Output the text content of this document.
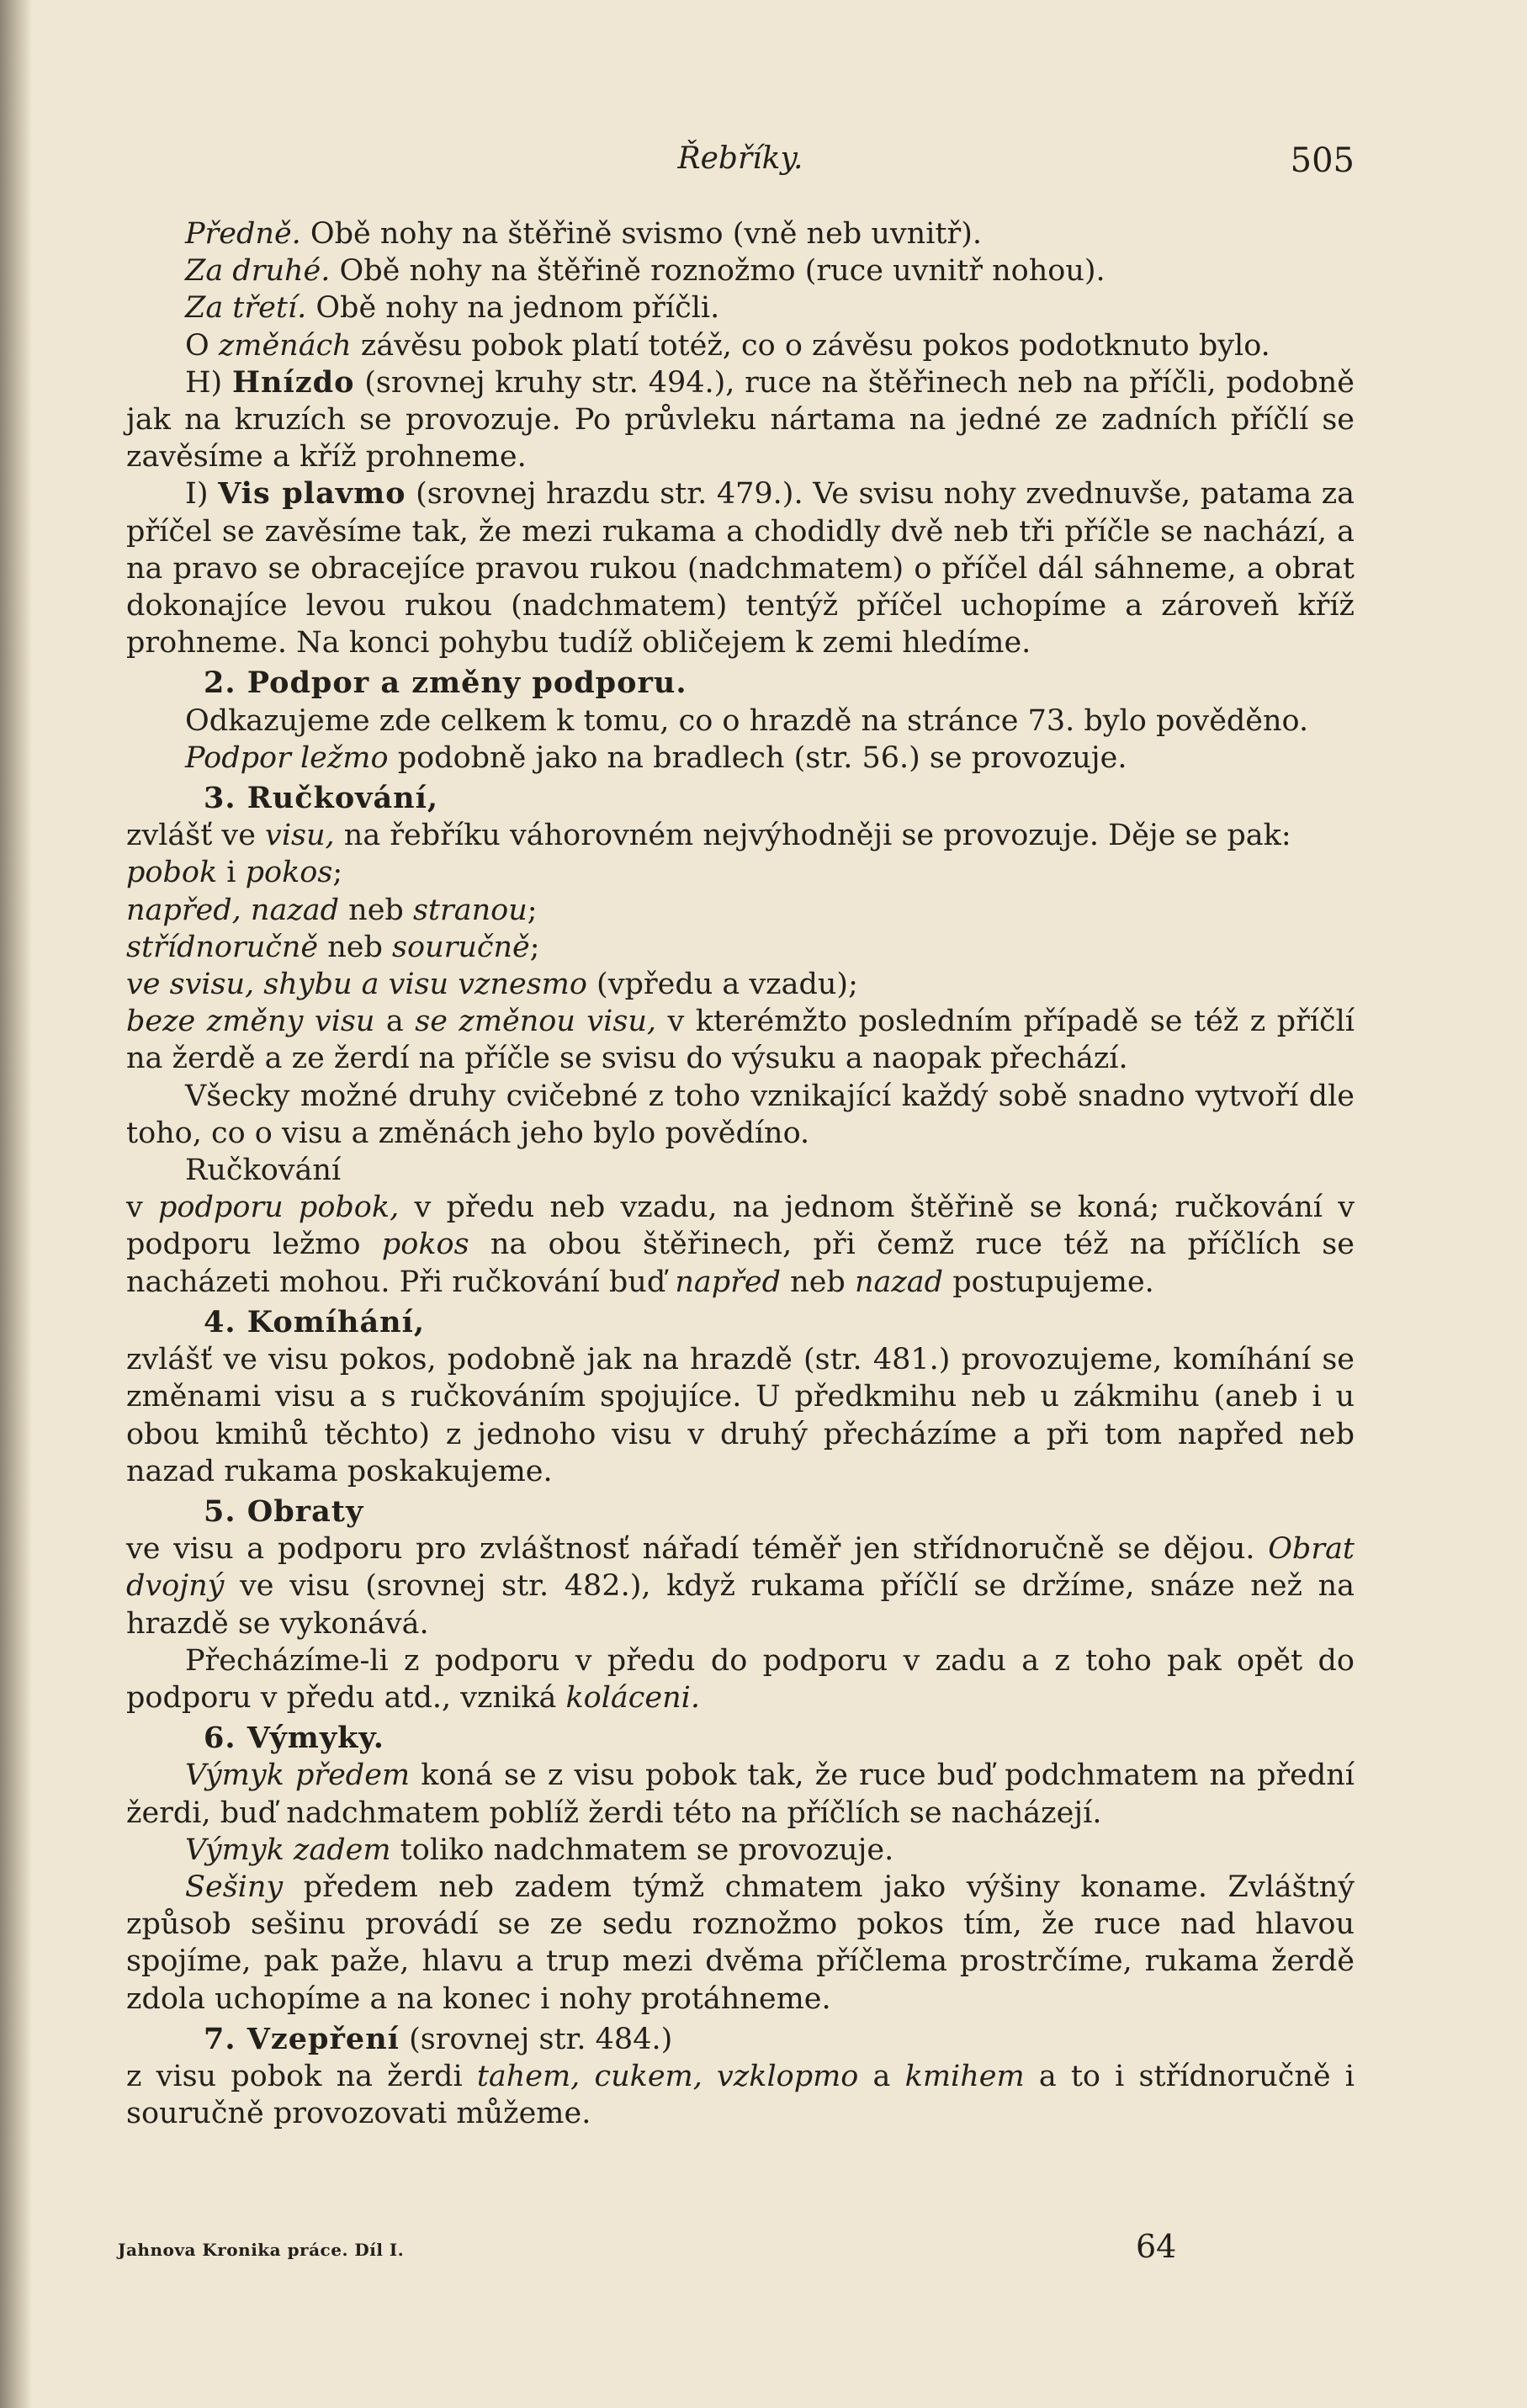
Řebříky.	505

Předně. Obě nohy na štěřině svismo (vně neb uvnitř).

Za druhé. Obě nohy na štěřině roznožmo (ruce uvnitř nohou).

Za třetí. Obě nohy na jednom příčli.

O změnách závěsu pobok platí totéž, co o závěsu pokos podotknuto bylo.

H) Hnízdo (srovnej kruhy str. 494.), ruce na štěřinech neb na příčli, podobně jak na kruzích se provozuje. Po průvleku nártama na jedné ze zadních příčlí se zavěsíme a kříž prohneme.

I) Vis plavmo (srovnej hrazdu str. 479.). Ve svisu nohy zvednuvše, patama za příčel se zavěsíme tak, že mezi rukama a chodidly dvě neb tři příčle se nachází, a na pravo se obracejíce pravou rukou (nadchmatem) o příčel dál sáhneme, a obrat dokonajíce levou rukou (nadchmatem) tentýž příčel uchopíme a zároveň kříž prohneme. Na konci pohybu tudíž obličejem k zemi hledíme.

2. Podpor a změny podporu.

Odkazujeme zde celkem k tomu, co o hrazdě na stránce 73. bylo pověděno.

Podpor ležmo podobně jako na bradlech (str. 56.) se provozuje.

3. Ručkování,

zvlášť ve visu, na řebříku váhorovném nejvýhodněji se provozuje. Děje se pak:

pobok i pokos;

napřed, nazad neb stranou;

střídnoručně neb souručně;

ve svisu, shybu a visu vznesmo (vpředu a vzadu);

beze změny visu a se změnou visu, v kterémžto posledním případě se též z příčlí na žerdě a ze žerdí na příčle se svisu do výsuku a naopak přechází.

Všecky možné druhy cvičebné z toho vznikající každý sobě snadno vytvoří dle toho, co o visu a změnách jeho bylo povědíno.

Ručkování

v podporu pobok, v předu neb vzadu, na jednom štěřině se koná; ručkování v podporu ležmo pokos na obou štěřinech, při čemž ruce též na příčlích se nacházeti mohou. Při ručkování buď napřed neb nazad postupujeme.

4. Komíhání,

zvlášť ve visu pokos, podobně jak na hrazdě (str. 481.) provozujeme, komíhání se změnami visu a s ručkováním spojujíce. U předkmihu neb u zákmihu (aneb i u obou kmihů těchto) z jednoho visu v druhý přecházíme a při tom napřed neb nazad rukama poskakujeme.

5. Obraty

ve visu a podporu pro zvláštnosť nářadí téměř jen střídnoručně se dějou. Obrat dvojný ve visu (srovnej str. 482.), když rukama příčlí se držíme, snáze než na hrazdě se vykonává.

Přecházíme-li z podporu v předu do podporu v zadu a z toho pak opět do podporu v předu atd., vzniká koláceni.

6. Výmyky.

Výmyk předem koná se z visu pobok tak, že ruce buď podchmatem na přední žerdi, buď nadchmatem poblíž žerdi této na příčlích se nacházejí.

Výmyk zadem toliko nadchmatem se provozuje.

Sešiny předem neb zadem týmž chmatem jako výšiny koname. Zvláštný způsob sešinu provádí se ze sedu roznožmo pokos tím, že ruce nad hlavou spojíme, pak paže, hlavu a trup mezi dvěma příčlema prostrčíme, rukama žerdě zdola uchopíme a na konec i nohy protáhneme.

7. Vzepření (srovnej str. 484.)

z visu pobok na žerdi tahem, cukem, vzklopmo a kmihem a to i střídnoručně i souručně provozovati můžeme.

Jahnova Kronika práce. Díl I.	64
